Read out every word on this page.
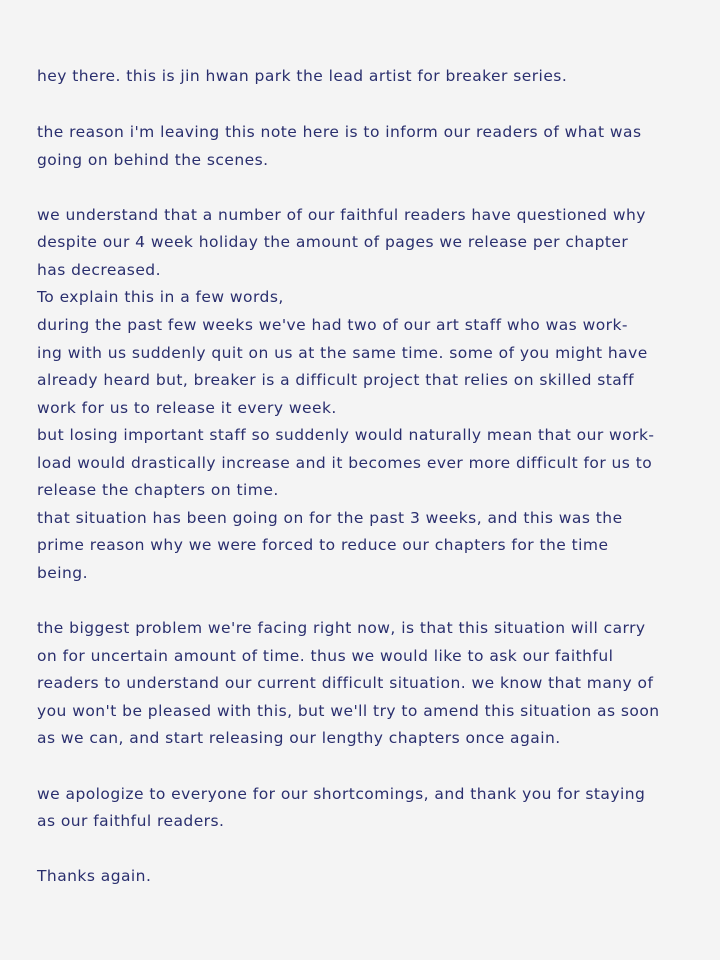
hey there. this is jin hwan park the lead artist for breaker series.
the reason i'm leaving this note here is to inform our readers of what was
going on behind the scenes.
we understand that a number of our faithful readers have questioned why
despite our 4 week holiday the amount of pages we release per chapter
has decreased.
To explain this in a few words,
during the past few weeks we've had two of our art staff who was work-
ing with us suddenly quit on us at the same time. some of you might have
already heard but, breaker is a difficult project that relies on skilled staff
work for us to release it every week.
but losing important staff so suddenly would naturally mean that our work-
load would drastically increase and it becomes ever more difficult for us to
release the chapters on time.
that situation has been going on for the past 3 weeks, and this was the
prime reason why we were forced to reduce our chapters for the time
being.
the biggest problem we're facing right now, is that this situation will carry
on for uncertain amount of time. thus we would like to ask our faithful
readers to understand our current difficult situation. we know that many of
you won't be pleased with this, but we'll try to amend this situation as soon
as we can, and start releasing our lengthy chapters once again.
we apologize to everyone for our shortcomings, and thank you for staying
as our faithful readers.
Thanks again.
